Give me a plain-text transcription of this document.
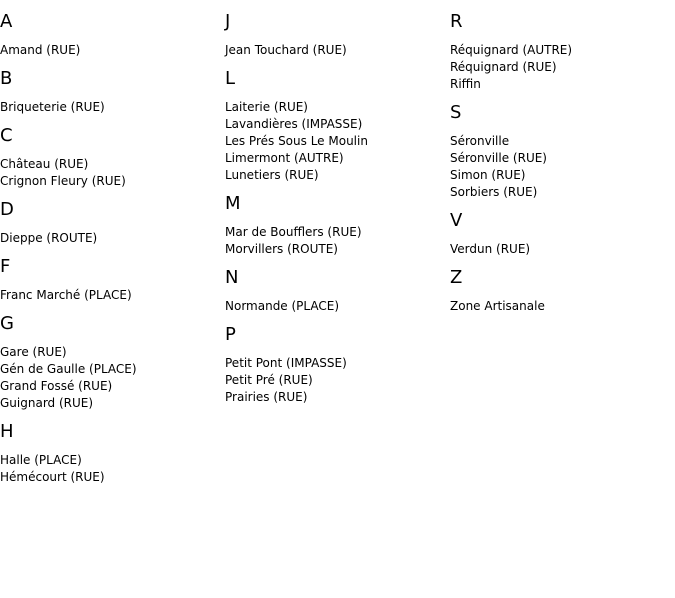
A
Amand (RUE)
B
Briqueterie (RUE)
C
Château (RUE)
Crignon Fleury (RUE)
D
Dieppe (ROUTE)
F
Franc Marché (PLACE)
G
Gare (RUE)
Gén de Gaulle (PLACE)
Grand Fossé (RUE)
Guignard (RUE)
H
Halle (PLACE)
Hémécourt (RUE)
J
Jean Touchard (RUE)
L
Laiterie (RUE)
Lavandières (IMPASSE)
Les Prés Sous Le Moulin
Limermont (AUTRE)
Lunetiers (RUE)
M
Mar de Boufflers (RUE)
Morvillers (ROUTE)
N
Normande (PLACE)
P
Petit Pont (IMPASSE)
Petit Pré (RUE)
Prairies (RUE)
R
Réquignard (AUTRE)
Réquignard (RUE)
Riffin
S
Séronville
Séronville (RUE)
Simon (RUE)
Sorbiers (RUE)
V
Verdun (RUE)
Z
Zone Artisanale
